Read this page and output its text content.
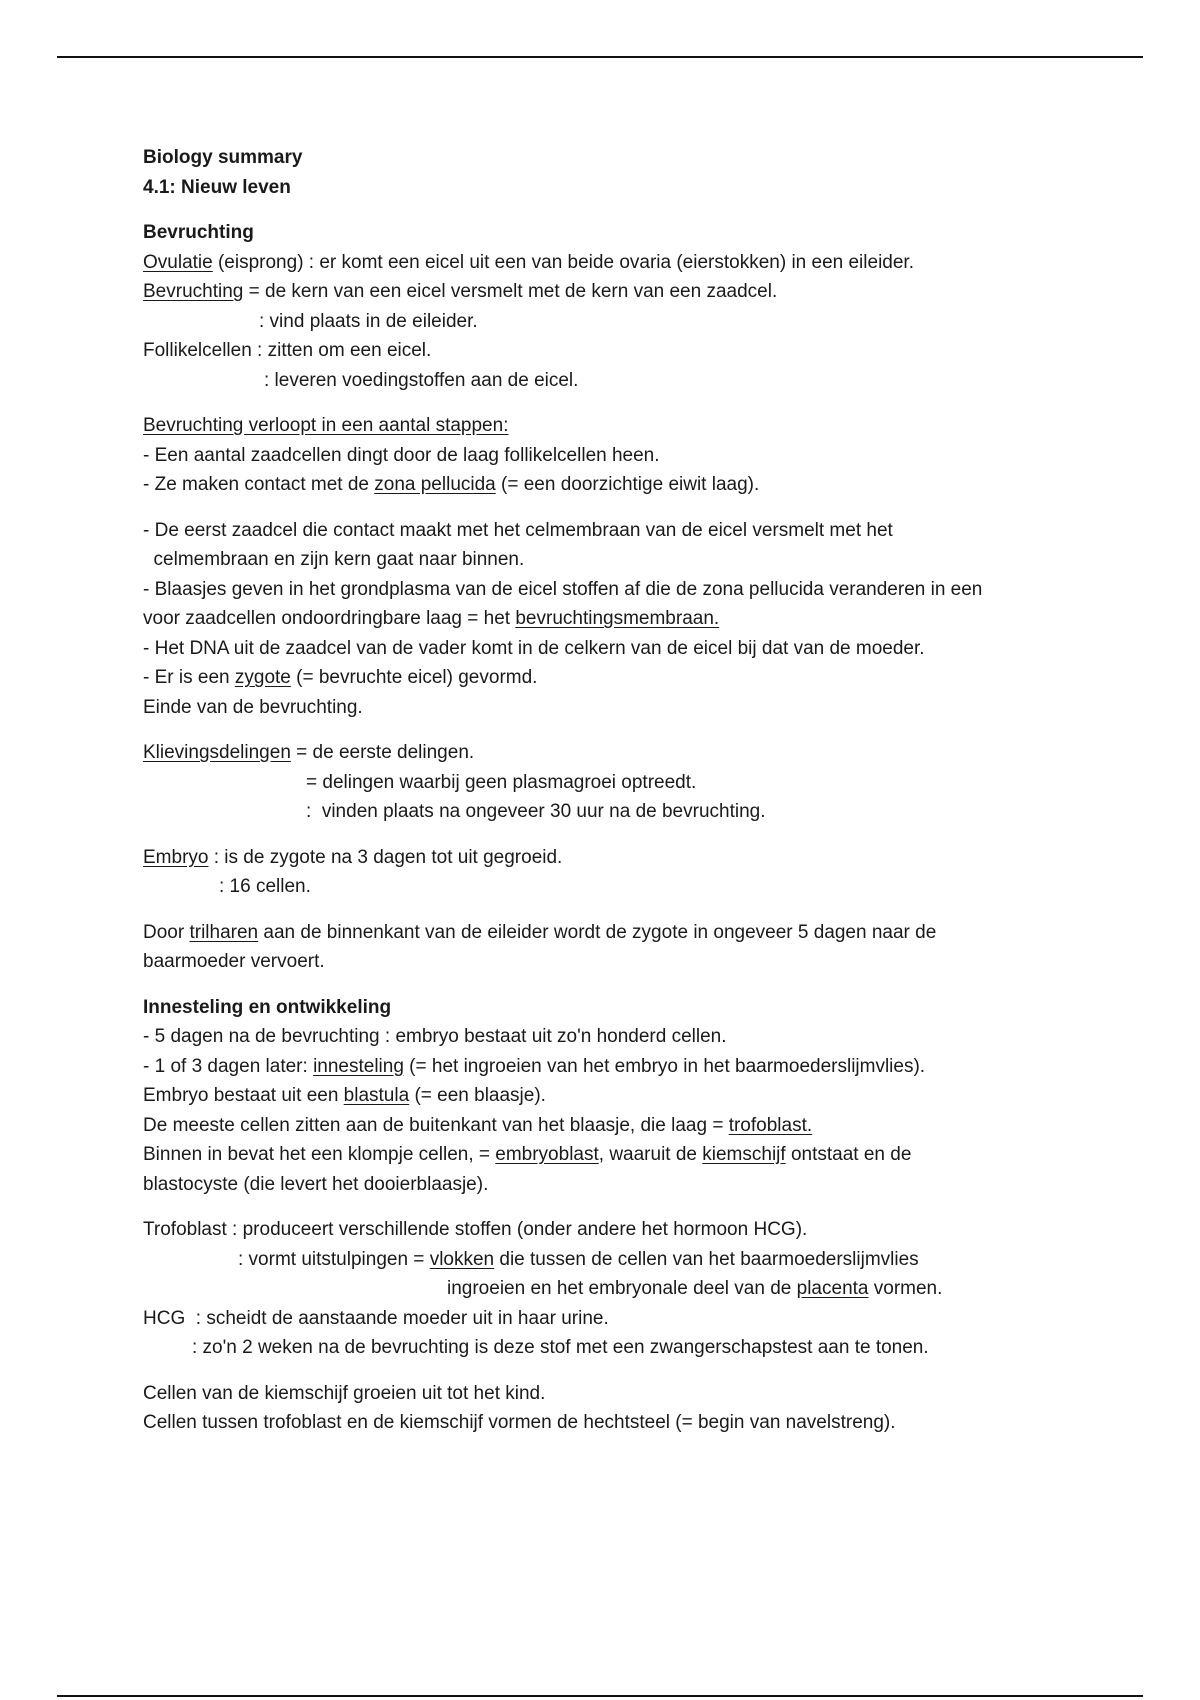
Biology summary
4.1: Nieuw leven
Bevruchting
Ovulatie (eisprong) : er komt een eicel uit een van beide ovaria (eierstokken) in een eileider.
Bevruchting = de kern van een eicel versmelt met de kern van een zaadcel.
: vind plaats in de eileider.
Follikelcellen : zitten om een eicel.
: leveren voedingstoffen aan de eicel.
Bevruchting verloopt in een aantal stappen:
- Een aantal zaadcellen dingt door de laag follikelcellen heen.
- Ze maken contact met de zona pellucida (= een doorzichtige eiwit laag).
- De eerst zaadcel die contact maakt met het celmembraan van de eicel versmelt met het
celmembraan en zijn kern gaat naar binnen.
- Blaasjes geven in het grondplasma van de eicel stoffen af die de zona pellucida veranderen in een
voor zaadcellen ondoordringbare laag = het bevruchtingsmembraan.
- Het DNA uit de zaadcel van de vader komt in de celkern van de eicel bij dat van de moeder.
- Er is een zygote (= bevruchte eicel) gevormd.
Einde van de bevruchting.
Klievingsdelingen = de eerste delingen.
= delingen waarbij geen plasmagroei optreedt.
:  vinden plaats na ongeveer 30 uur na de bevruchting.
Embryo : is de zygote na 3 dagen tot uit gegroeid.
: 16 cellen.
Door trilharen aan de binnenkant van de eileider wordt de zygote in ongeveer 5 dagen naar de
baarmoeder vervoert.
Innesteling en ontwikkeling
- 5 dagen na de bevruchting : embryo bestaat uit zo'n honderd cellen.
- 1 of 3 dagen later: innesteling (= het ingroeien van het embryo in het baarmoederslijmvlies).
Embryo bestaat uit een blastula (= een blaasje).
De meeste cellen zitten aan de buitenkant van het blaasje, die laag = trofoblast.
Binnen in bevat het een klompje cellen, = embryoblast, waaruit de kiemschijf ontstaat en de
blastocyste (die levert het dooierblaasje).
Trofoblast : produceert verschillende stoffen (onder andere het hormoon HCG).
: vormt uitstulpingen = vlokken die tussen de cellen van het baarmoederslijmvlies
ingroeien en het embryonale deel van de placenta vormen.
HCG  : scheidt de aanstaande moeder uit in haar urine.
: zo'n 2 weken na de bevruchting is deze stof met een zwangerschapstest aan te tonen.
Cellen van de kiemschijf groeien uit tot het kind.
Cellen tussen trofoblast en de kiemschijf vormen de hechtsteel (= begin van navelstreng).
